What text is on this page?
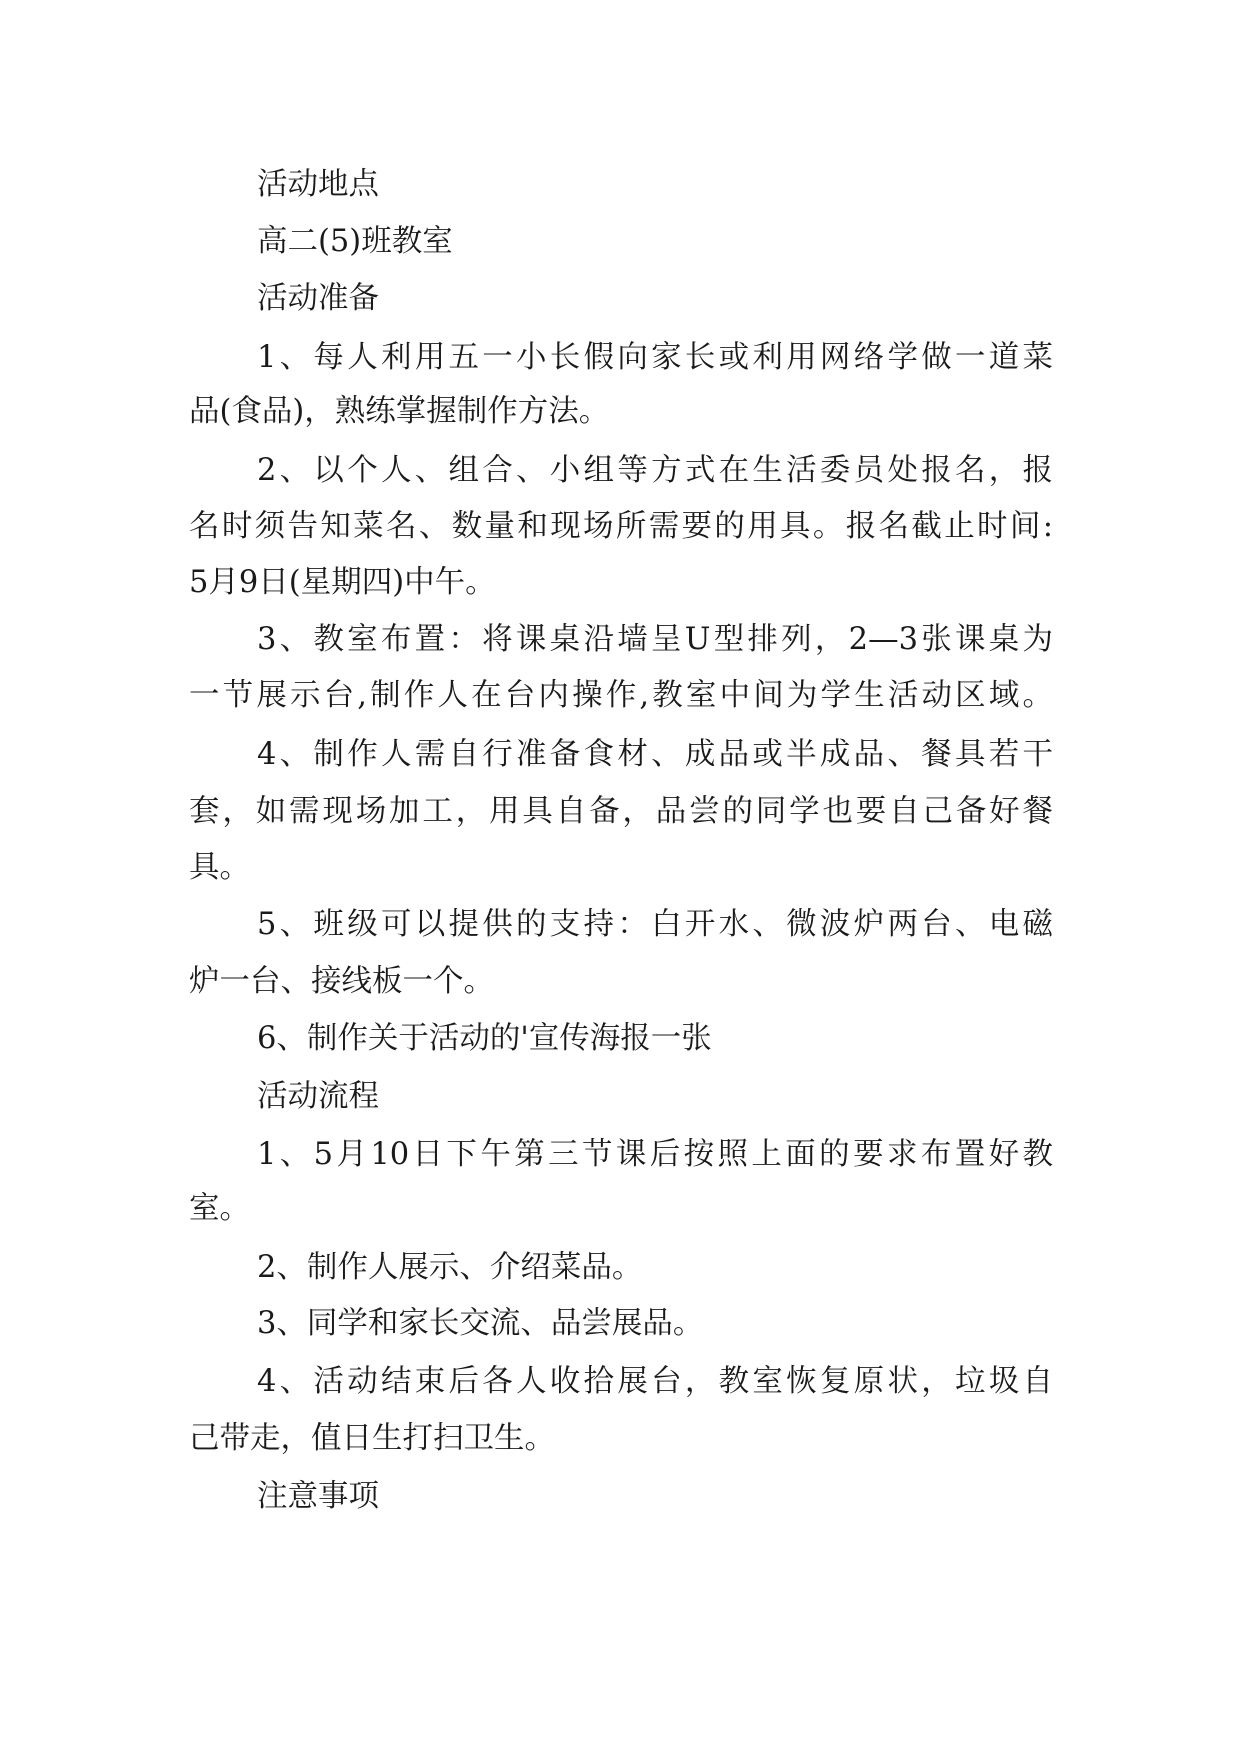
活动地点

高二(5)班教室

活动准备

1、每人利用五一小长假向家长或利用网络学做一道菜

品(食品)，熟练掌握制作方法。

2、以个人、组合、小组等方式在生活委员处报名，报

名时须告知菜名、数量和现场所需要的用具。报名截止时间:

5月9日(星期四)中午。

3、教室布置：将课桌沿墙呈U型排列，2—3张课桌为

一节展示台,制作人在台内操作,教室中间为学生活动区域。

4、制作人需自行准备食材、成品或半成品、餐具若干

套，如需现场加工，用具自备，品尝的同学也要自己备好餐

具。

5、班级可以提供的支持：白开水、微波炉两台、电磁

炉一台、接线板一个。

6、制作关于活动的'宣传海报一张

活动流程

1、5月10日下午第三节课后按照上面的要求布置好教

室。

2、制作人展示、介绍菜品。

3、同学和家长交流、品尝展品。

4、活动结束后各人收拾展台，教室恢复原状，垃圾自

己带走，值日生打扫卫生。

注意事项
